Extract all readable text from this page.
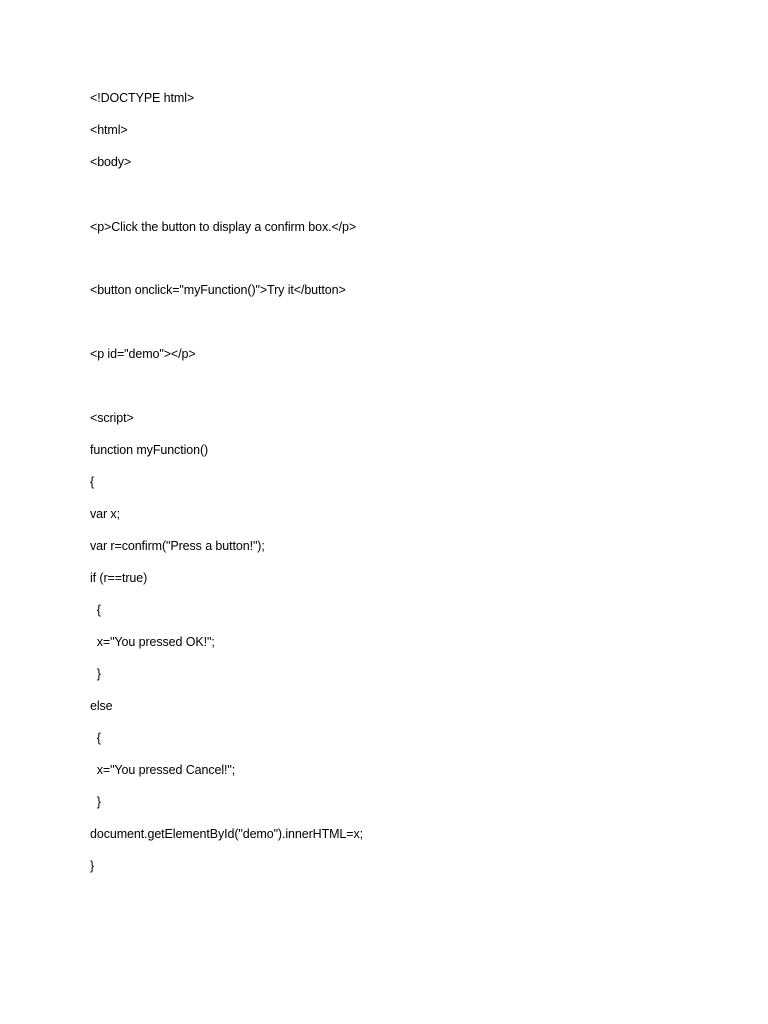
<!DOCTYPE html>
<html>
<body>
<p>Click the button to display a confirm box.</p>
<button onclick="myFunction()">Try it</button>
<p id="demo"></p>
<script>
function myFunction()
{
var x;
var r=confirm("Press a button!");
if (r==true)
{
x="You pressed OK!";
}
else
{
x="You pressed Cancel!";
}
document.getElementById("demo").innerHTML=x;
}
